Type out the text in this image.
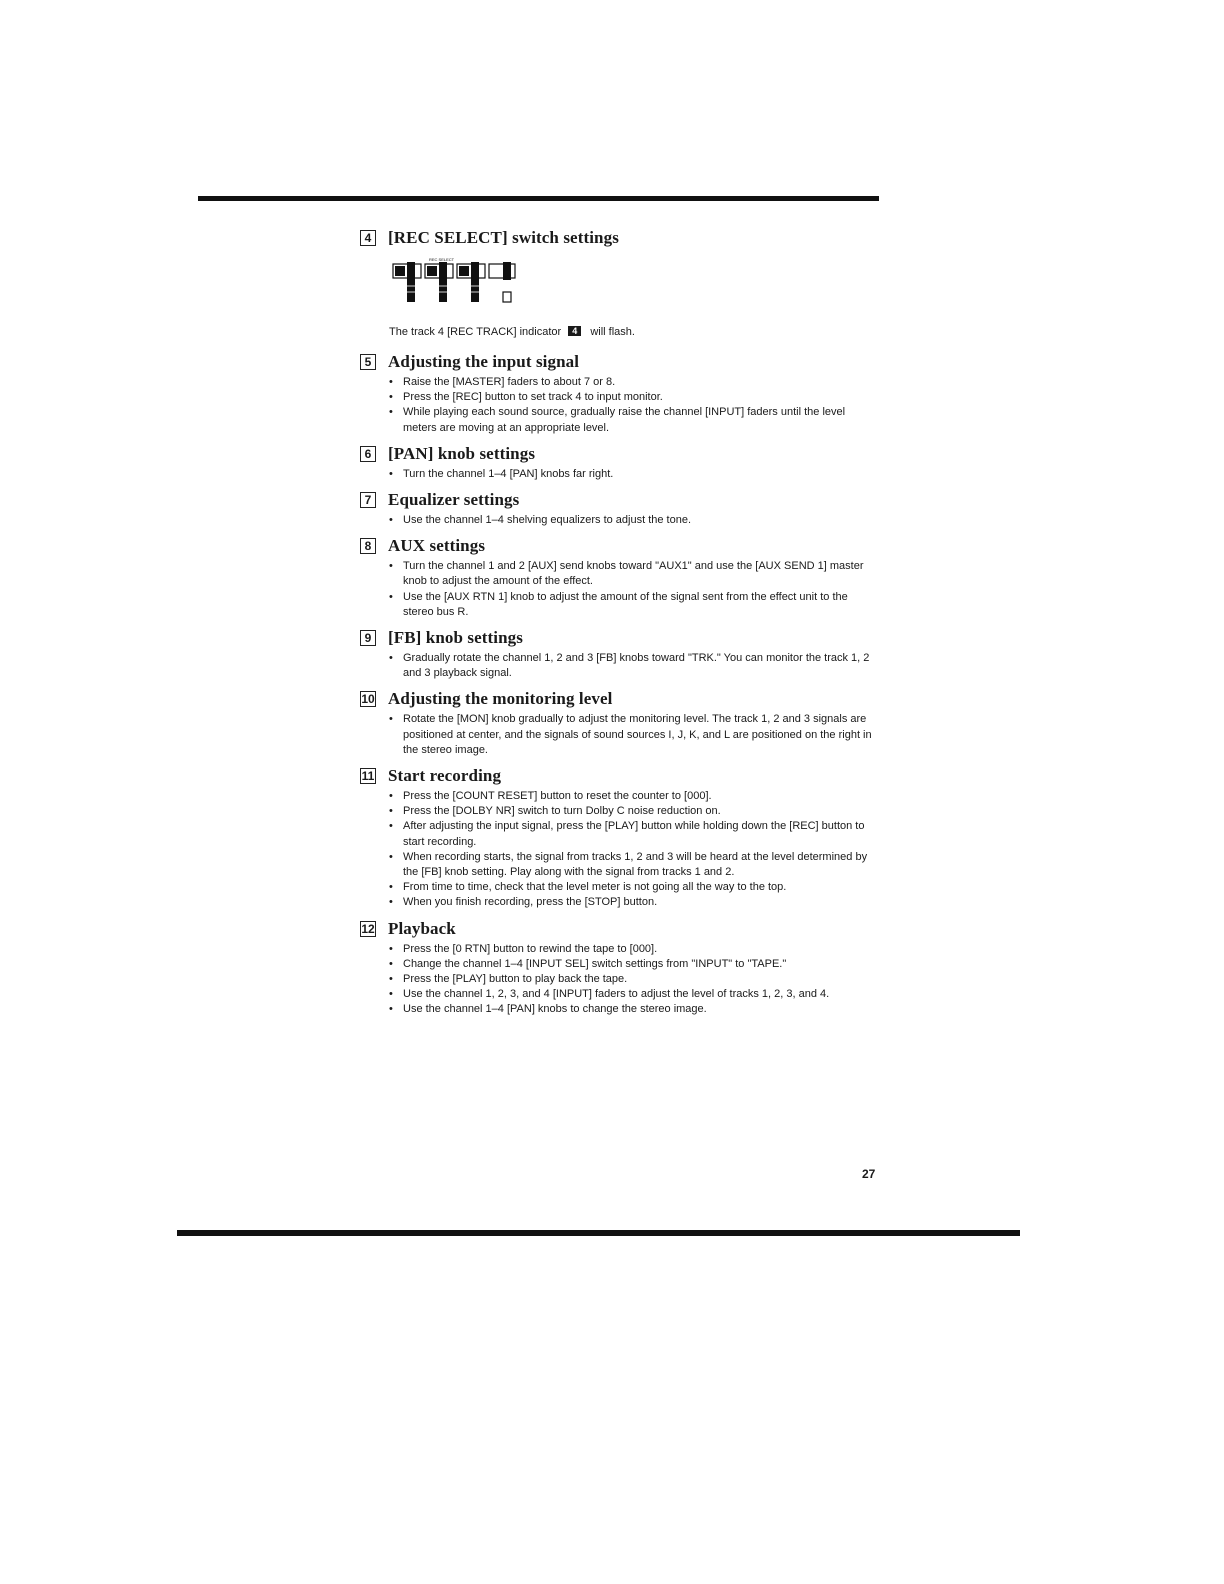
4 [REC SELECT] switch settings
REC SELECT
The track 4 [REC TRACK] indicator 4 will flash.
5 Adjusting the input signal
• Raise the [MASTER] faders to about 7 or 8.
• Press the [REC] button to set track 4 to input monitor.
• While playing each sound source, gradually raise the channel [INPUT] faders until the level meters are moving at an appropriate level.
6 [PAN] knob settings
• Turn the channel 1–4 [PAN] knobs far right.
7 Equalizer settings
• Use the channel 1–4 shelving equalizers to adjust the tone.
8 AUX settings
• Turn the channel 1 and 2 [AUX] send knobs toward "AUX1" and use the [AUX SEND 1] master knob to adjust the amount of the effect.
• Use the [AUX RTN 1] knob to adjust the amount of the signal sent from the effect unit to the stereo bus R.
9 [FB] knob settings
• Gradually rotate the channel 1, 2 and 3 [FB] knobs toward "TRK." You can monitor the track 1, 2 and 3 playback signal.
10 Adjusting the monitoring level
• Rotate the [MON] knob gradually to adjust the monitoring level. The track 1, 2 and 3 signals are positioned at center, and the signals of sound sources I, J, K, and L are positioned on the right in the stereo image.
11 Start recording
• Press the [COUNT RESET] button to reset the counter to [000].
• Press the [DOLBY NR] switch to turn Dolby C noise reduction on.
• After adjusting the input signal, press the [PLAY] button while holding down the [REC] button to start recording.
• When recording starts, the signal from tracks 1, 2 and 3 will be heard at the level determined by the [FB] knob setting. Play along with the signal from tracks 1 and 2.
• From time to time, check that the level meter is not going all the way to the top.
• When you finish recording, press the [STOP] button.
12 Playback
• Press the [0 RTN] button to rewind the tape to [000].
• Change the channel 1–4 [INPUT SEL] switch settings from "INPUT" to "TAPE."
• Press the [PLAY] button to play back the tape.
• Use the channel 1, 2, 3, and 4 [INPUT] faders to adjust the level of tracks 1, 2, 3, and 4.
• Use the channel 1–4 [PAN] knobs to change the stereo image.
27
